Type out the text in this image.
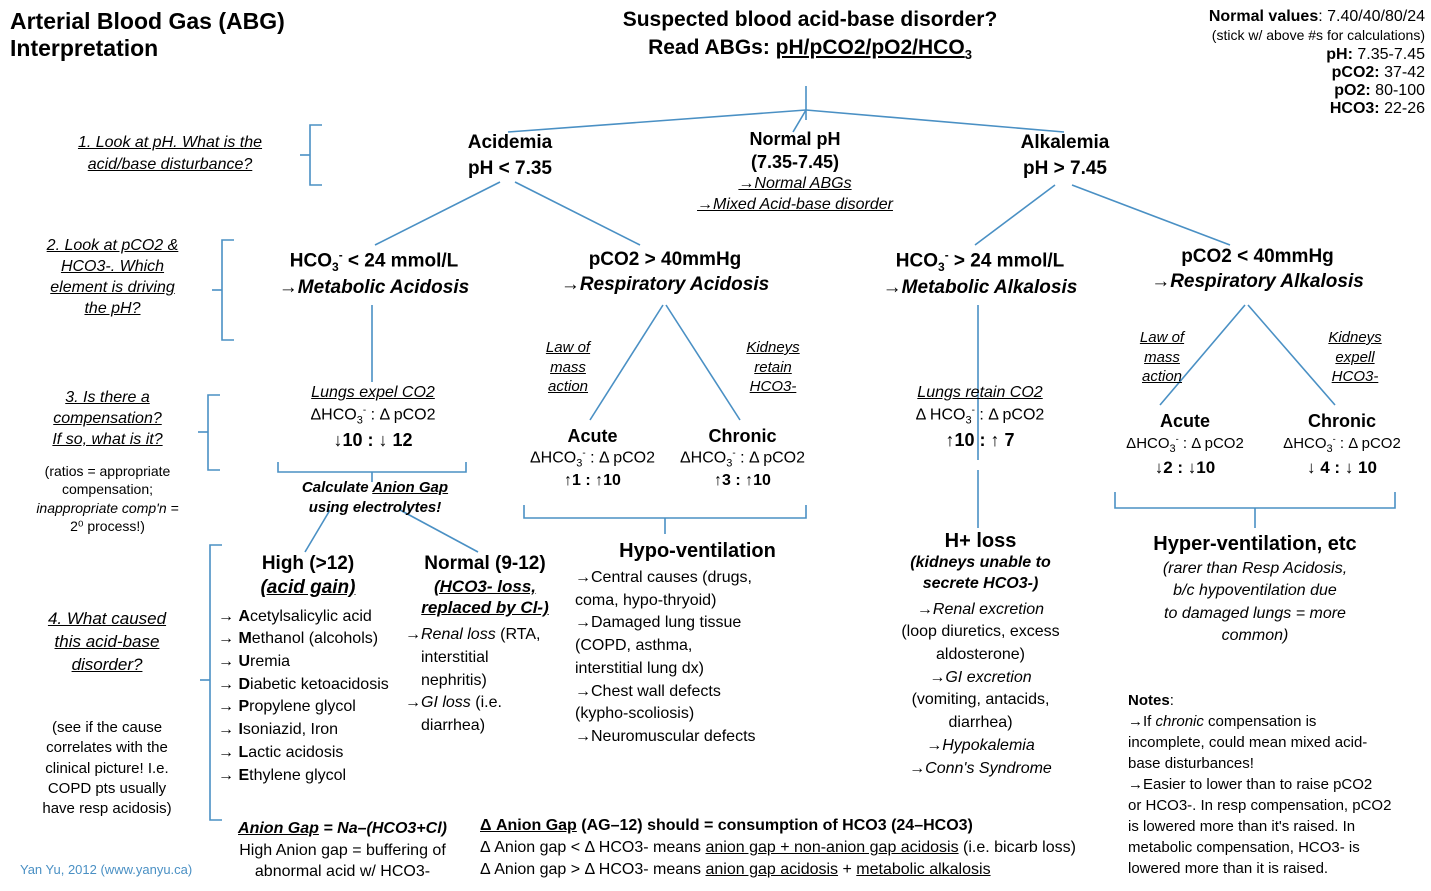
Arterial Blood Gas (ABG)
Interpretation
Suspected blood acid-base disorder?
Read ABGs: $pH/pCO2/pO2/HCO_3$
Normal values: 7.40/40/80/24
(stick w/ above #s for calculations)
pH: 7.35-7.45
pCO2: 37-42
pO2: 80-100
HCO3: 22-26
1. Look at pH. What is the
acid/base disturbance?
2. Look at pCO2 &
HCO3-. Which
element is driving
the pH?
3. Is there a
compensation?
If so, what is it?
(ratios = appropriate
compensation;
inappropriate comp'n =
2⁰ process!)
4. What caused
this acid-base
disorder?
(see if the cause
correlates with the
clinical picture! I.e.
COPD pts usually
have resp acidosis)
Acidemia
pH < 7.35
Normal pH
(7.35-7.45)
→Normal ABGs
→Mixed Acid-base disorder
Alkalemia
pH > 7.45
$HCO_3^- < 24$ mmol/L
→Metabolic Acidosis
pCO2 > 40mmHg
→Respiratory Acidosis
$HCO_3^- > 24$ mmol/L
→Metabolic Alkalosis
pCO2 < 40mmHg
→Respiratory Alkalosis
Lungs expel CO2
$\Delta HCO_3^-$ : Δ pCO2
↓10 : ↓ 12
Calculate Anion Gap
using electrolytes!
Law of
mass
action
Kidneys
retain
HCO3-
Acute
$\Delta HCO_3^-$ : Δ pCO2
↑1 : ↑10
Chronic
$\Delta HCO_3^-$ : Δ pCO2
↑3 : ↑10
Lungs retain CO2
Δ $HCO_3^-$ : Δ pCO2
↑10 : ↑ 7
Law of
mass
action
Kidneys
expell
HCO3-
Acute
$\Delta HCO_3^-$ : Δ pCO2
↓2 : ↓10
Chronic
$\Delta HCO_3^-$ : Δ pCO2
↓ 4 : ↓ 10
High (>12)
(acid gain)
→ Acetylsalicylic acid
→ Methanol (alcohols)
→ Uremia
→ Diabetic ketoacidosis
→ Propylene glycol
→ Isoniazid, Iron
→ Lactic acidosis
→ Ethylene glycol
Normal (9-12)
(HCO3- loss,
replaced by Cl-)
→Renal loss (RTA,
interstitial
nephritis)
→GI loss (i.e.
diarrhea)
Hypo-ventilation
→Central causes (drugs,
coma, hypo-thryoid)
→Damaged lung tissue
(COPD, asthma,
interstitial lung dx)
→Chest wall defects
(kypho-scoliosis)
→Neuromuscular defects
H+ loss
(kidneys unable to
secrete HCO3-)
→Renal excretion
(loop diuretics, excess
aldosterone)
→GI excretion
(vomiting, antacids,
diarrhea)
→Hypokalemia
→Conn's Syndrome
Hyper-ventilation, etc
(rarer than Resp Acidosis,
b/c hypoventilation due
to damaged lungs = more
common)
Notes:
→If chronic compensation is
incomplete, could mean mixed acid-
base disturbances!
→Easier to lower than to raise pCO2
or HCO3-. In resp compensation, pCO2
is lowered more than it's raised. In
metabolic compensation, HCO3- is
lowered more than it is raised.
Anion Gap = Na–(HCO3+Cl)
High Anion gap = buffering of
abnormal acid w/ HCO3-
Δ Anion Gap (AG–12) should = consumption of HCO3 (24–HCO3)
Δ Anion gap < Δ HCO3- means anion gap + non-anion gap acidosis (i.e. bicarb loss)
Δ Anion gap > Δ HCO3- means anion gap acidosis + metabolic alkalosis
Yan Yu, 2012 (www.yanyu.ca)
